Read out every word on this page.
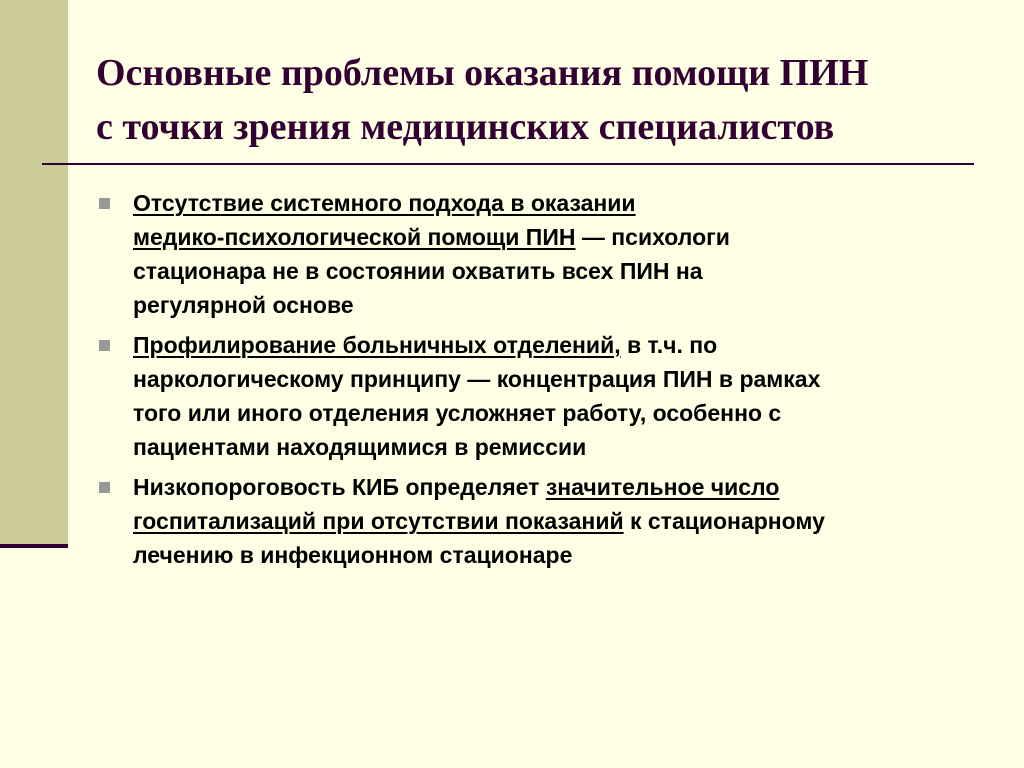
Основные проблемы оказания помощи ПИН
с точки зрения медицинских специалистов
Отсутствие системного подхода в оказании
медико-психологической помощи ПИН — психологи
стационара не в состоянии охватить всех ПИН на
регулярной основе
Профилирование больничных отделений, в т.ч. по
наркологическому принципу — концентрация ПИН в рамках
того или иного отделения усложняет работу, особенно с
пациентами находящимися в ремиссии
Низкопороговость КИБ определяет значительное число
госпитализаций при отсутствии показаний к стационарному
лечению в инфекционном стационаре
